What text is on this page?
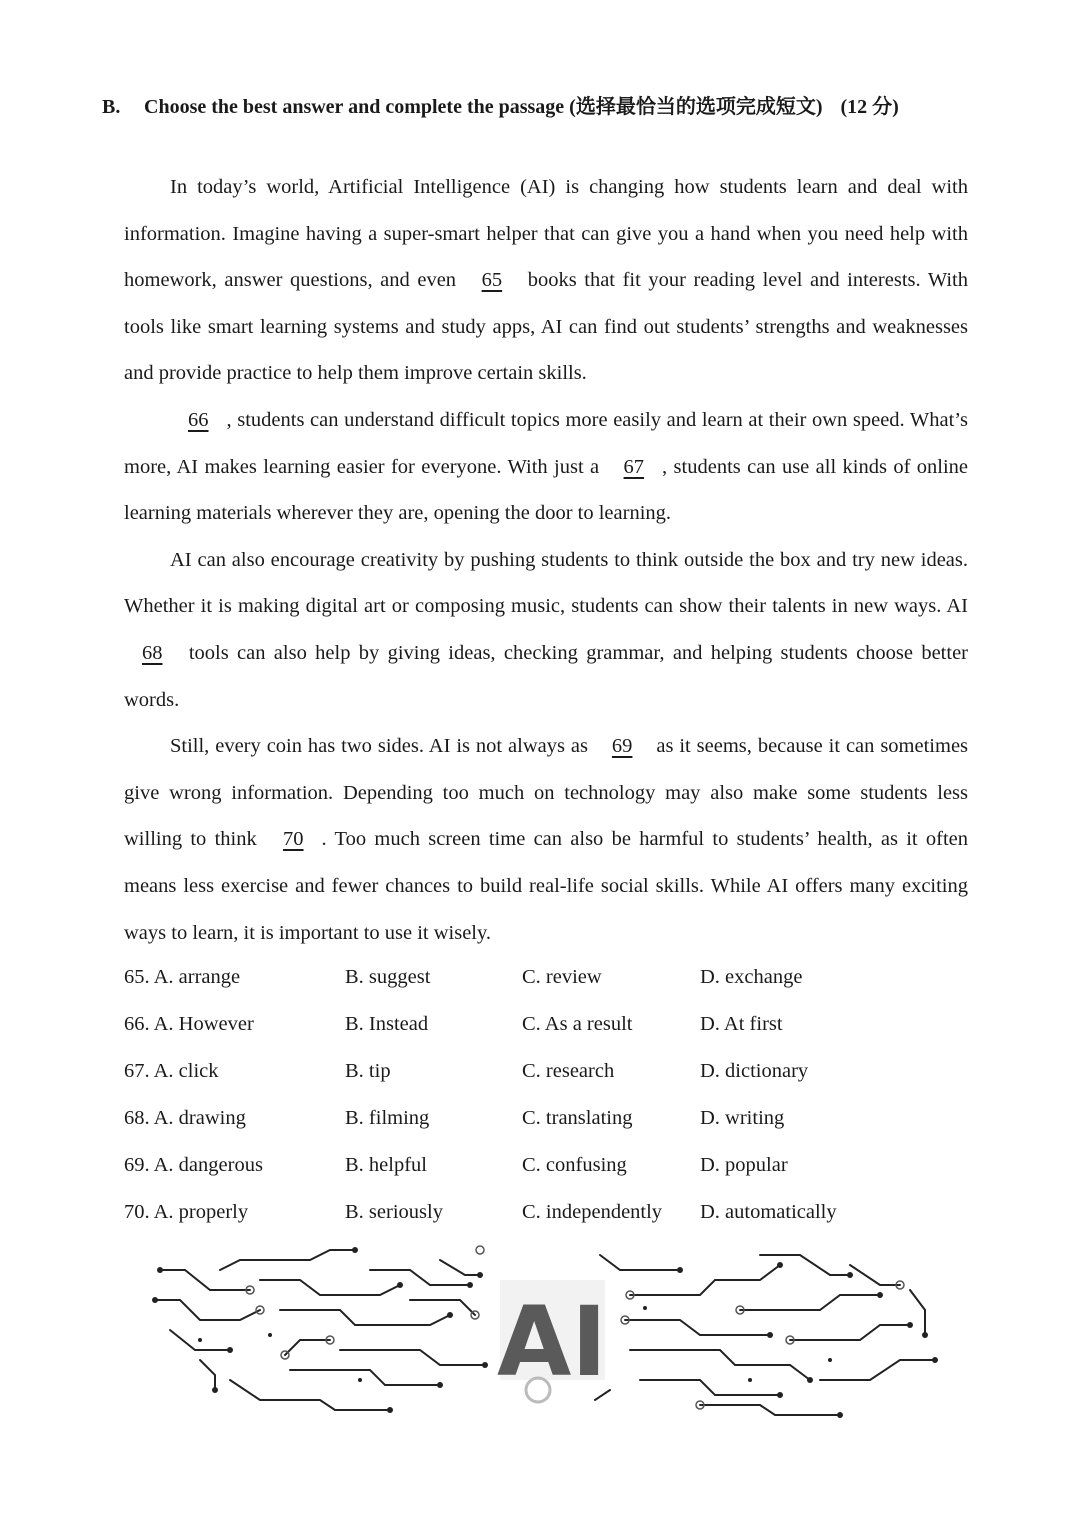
B. Choose the best answer and complete the passage (选择最恰当的选项完成短文) (12 分)

In today’s world, Artificial Intelligence (AI) is changing how students learn and deal with information. Imagine having a super-smart helper that can give you a hand when you need help with homework, answer questions, and even 65 books that fit your reading level and interests. With tools like smart learning systems and study apps, AI can find out students’ strengths and weaknesses and provide practice to help them improve certain skills.

66 , students can understand difficult topics more easily and learn at their own speed. What’s more, AI makes learning easier for everyone. With just a 67 , students can use all kinds of online learning materials wherever they are, opening the door to learning.

AI can also encourage creativity by pushing students to think outside the box and try new ideas. Whether it is making digital art or composing music, students can show their talents in new ways. AI 68 tools can also help by giving ideas, checking grammar, and helping students choose better words.

Still, every coin has two sides. AI is not always as 69 as it seems, because it can sometimes give wrong information. Depending too much on technology may also make some students less willing to think 70 . Too much screen time can also be harmful to students’ health, as it often means less exercise and fewer chances to build real-life social skills. While AI offers many exciting ways to learn, it is important to use it wisely.

65. A. arrange	B. suggest	C. review	D. exchange
66. A. However	B. Instead	C. As a result	D. At first
67. A. click	B. tip	C. research	D. dictionary
68. A. drawing	B. filming	C. translating	D. writing
69. A. dangerous	B. helpful	C. confusing	D. popular
70. A. properly	B. seriously	C. independently D. automatically
AI
